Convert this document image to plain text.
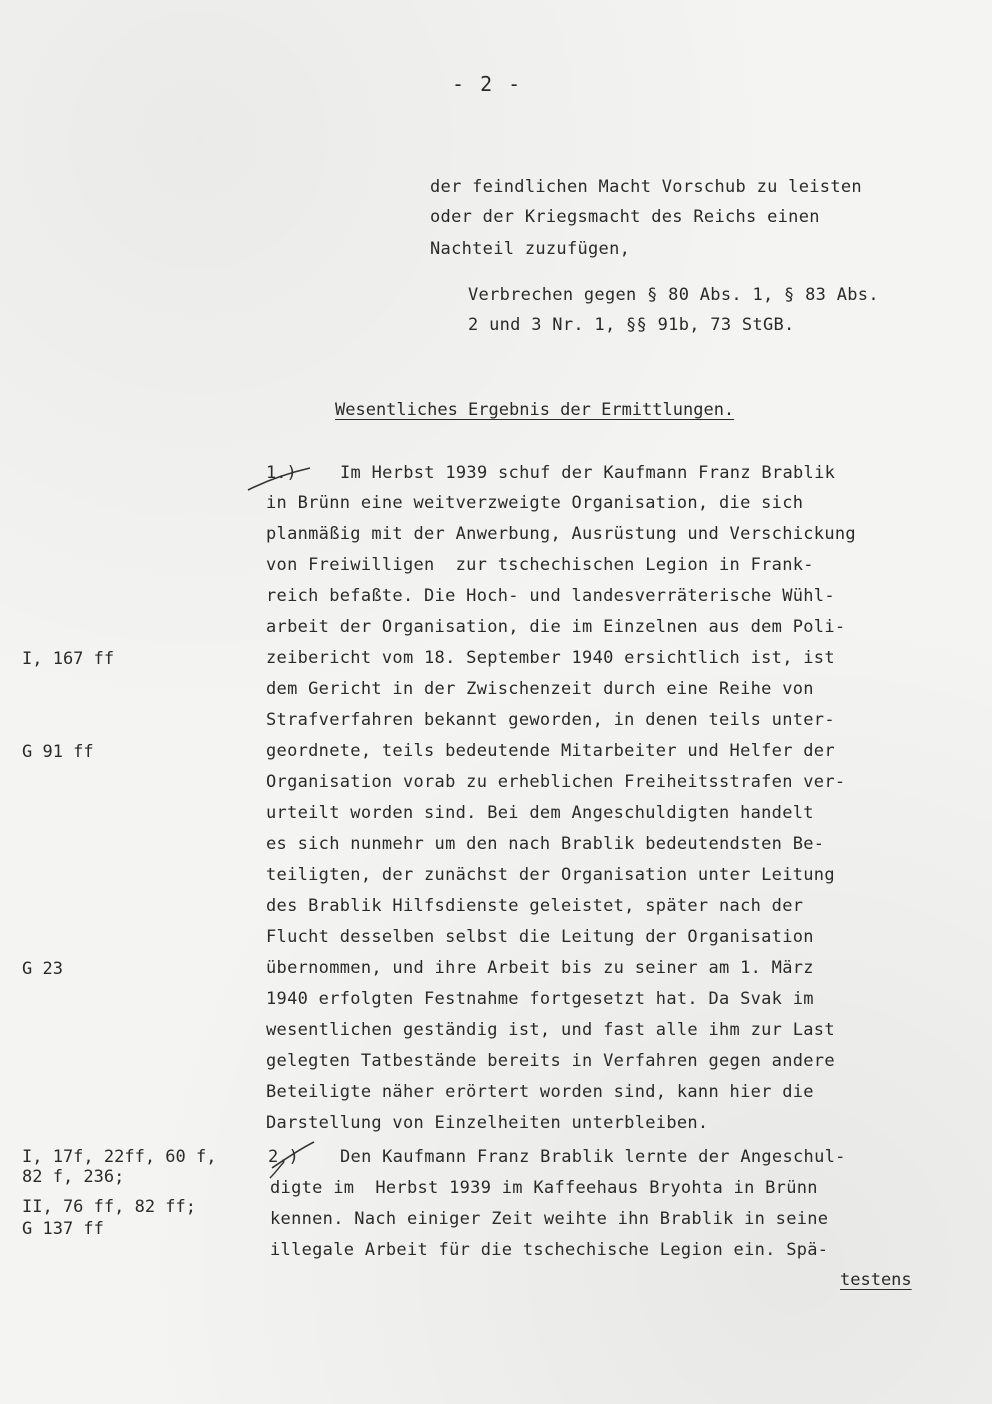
- 2 -
der feindlichen Macht Vorschub zu leisten
oder der Kriegsmacht des Reichs einen
Nachteil zuzufügen,
Verbrechen gegen § 80 Abs. 1, § 83 Abs.
2 und 3 Nr. 1, §§ 91b, 73 StGB.
Wesentliches Ergebnis der Ermittlungen.
1.)	Im Herbst 1939 schuf der Kaufmann Franz Brablik
in Brünn eine weitverzweigte Organisation, die sich
planmäßig mit der Anwerbung, Ausrüstung und Verschickung
von Freiwilligen  zur tschechischen Legion in Frank-
reich befaßte. Die Hoch- und landesverräterische Wühl-
arbeit der Organisation, die im Einzelnen aus dem Poli-
zeibericht vom 18. September 1940 ersichtlich ist, ist
dem Gericht in der Zwischenzeit durch eine Reihe von
Strafverfahren bekannt geworden, in denen teils unter-
geordnete, teils bedeutende Mitarbeiter und Helfer der
Organisation vorab zu erheblichen Freiheitsstrafen ver-
urteilt worden sind. Bei dem Angeschuldigten handelt
es sich nunmehr um den nach Brablik bedeutendsten Be-
teiligten, der zunächst der Organisation unter Leitung
des Brablik Hilfsdienste geleistet, später nach der
Flucht desselben selbst die Leitung der Organisation
übernommen, und ihre Arbeit bis zu seiner am 1. März
1940 erfolgten Festnahme fortgesetzt hat. Da Svak im
wesentlichen geständig ist, und fast alle ihm zur Last
gelegten Tatbestände bereits in Verfahren gegen andere
Beteiligte näher erörtert worden sind, kann hier die
Darstellung von Einzelheiten unterbleiben.
2.) Den Kaufmann Franz Brablik lernte der Angeschul-
digte im  Herbst 1939 im Kaffeehaus Bryohta in Brünn
kennen. Nach einiger Zeit weihte ihn Brablik in seine
illegale Arbeit für die tschechische Legion ein. Spä-
testens
I, 167 ff
G 91 ff
G 23
I, 17f, 22ff, 60 f,
82 f, 236;
II, 76 ff, 82 ff;
G 137 ff
